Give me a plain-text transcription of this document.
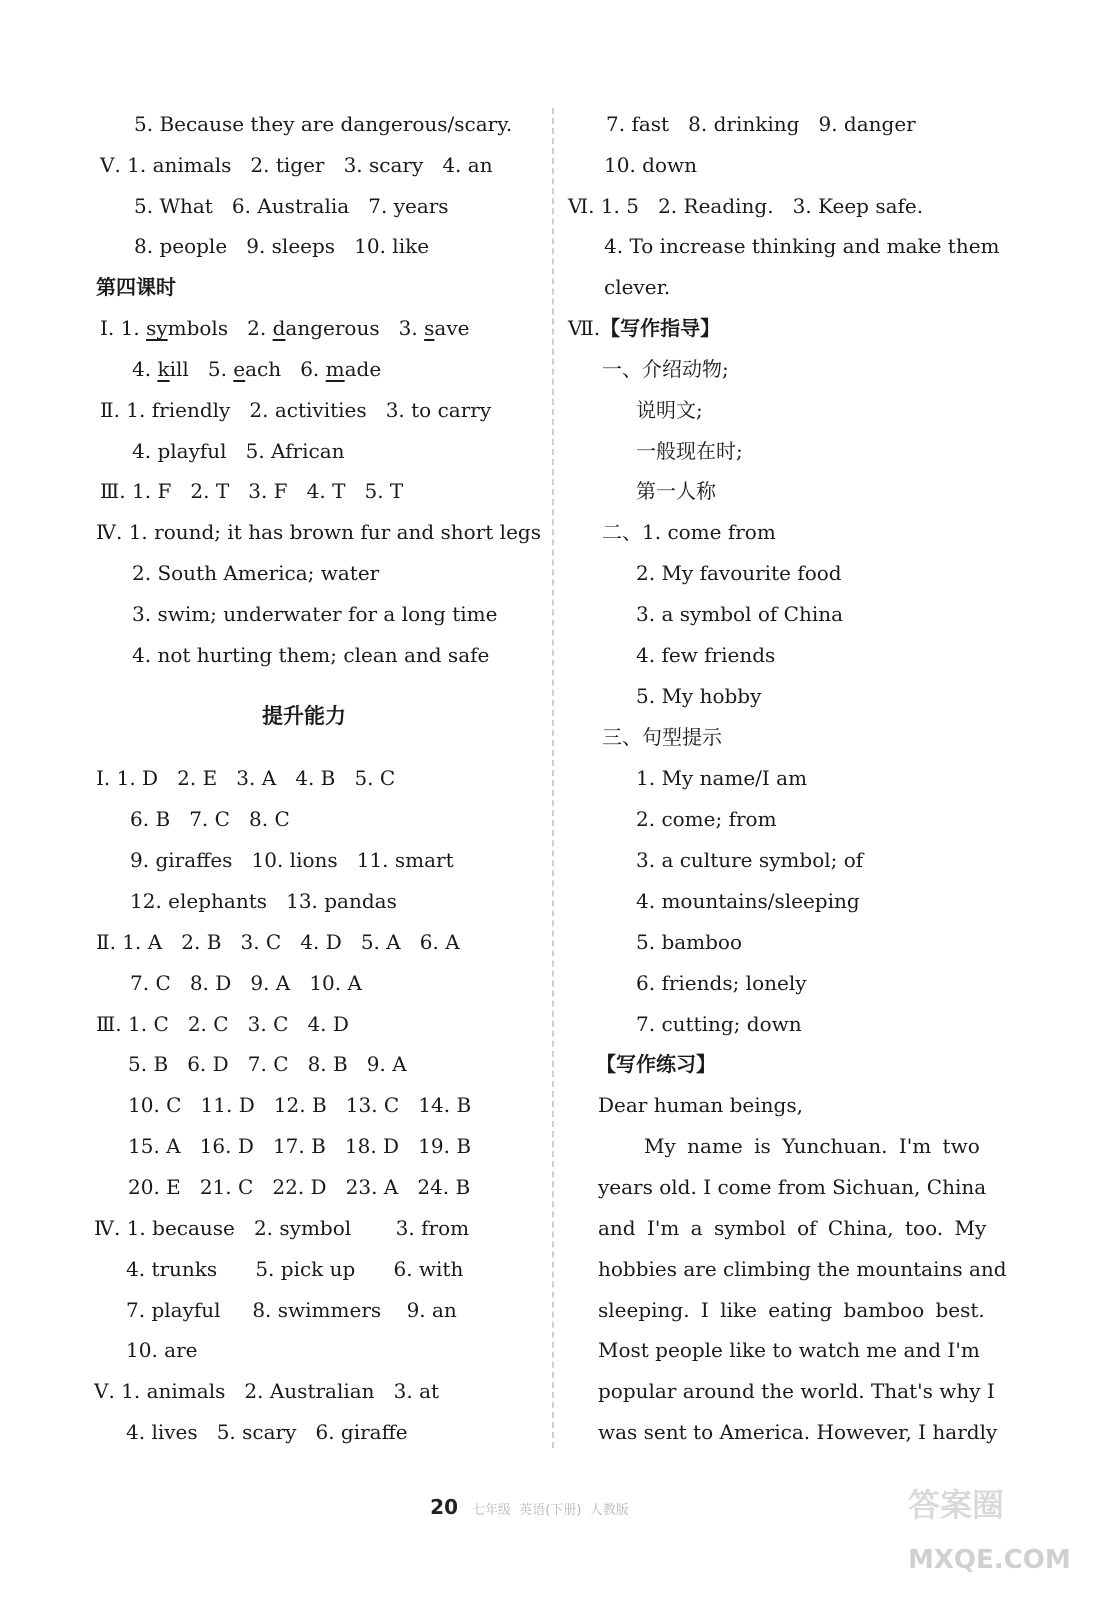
5. Because they are dangerous/scary.
Ⅴ. 1. animals   2. tiger   3. scary   4. an
5. What   6. Australia   7. years
8. people   9. sleeps   10. like
第四课时
Ⅰ. 1. symbols   2. dangerous   3. save
4. kill   5. each   6. made
Ⅱ. 1. friendly   2. activities   3. to carry
4. playful   5. African
Ⅲ. 1. F   2. T   3. F   4. T   5. T
Ⅳ. 1. round; it has brown fur and short legs
2. South America; water
3. swim; underwater for a long time
4. not hurting them; clean and safe
提升能力
Ⅰ. 1. D   2. E   3. A   4. B   5. C
6. B   7. C   8. C
9. giraffes   10. lions   11. smart
12. elephants   13. pandas
Ⅱ. 1. A   2. B   3. C   4. D   5. A   6. A
7. C   8. D   9. A   10. A
Ⅲ. 1. C   2. C   3. C   4. D
5. B   6. D   7. C   8. B   9. A
10. C   11. D   12. B   13. C   14. B
15. A   16. D   17. B   18. D   19. B
20. E   21. C   22. D   23. A   24. B
Ⅳ. 1. because   2. symbol       3. from
4. trunks      5. pick up      6. with
7. playful     8. swimmers    9. an
10. are
Ⅴ. 1. animals   2. Australian   3. at
4. lives   5. scary   6. giraffe
7. fast   8. drinking   9. danger
10. down
Ⅵ. 1. 5   2. Reading.   3. Keep safe.
4. To increase thinking and make them
clever.
Ⅶ.【写作指导】
一、介绍动物;
说明文;
一般现在时;
第一人称
二、1. come from
2. My favourite food
3. a symbol of China
4. few friends
5. My hobby
三、句型提示
1. My name/I am
2. come; from
3. a culture symbol; of
4. mountains/sleeping
5. bamboo
6. friends; lonely
7. cutting; down
【写作练习】
Dear human beings,
My name is Yunchuan. I'm two
years old. I come from Sichuan, China
and I'm a symbol of China, too. My
hobbies are climbing the mountains and
sleeping. I like eating bamboo best.
Most people like to watch me and I'm
popular around the world. That's why I
was sent to America. However, I hardly

20 七年级  英语(下册)  人教版	答案圈
MXQE.COM
